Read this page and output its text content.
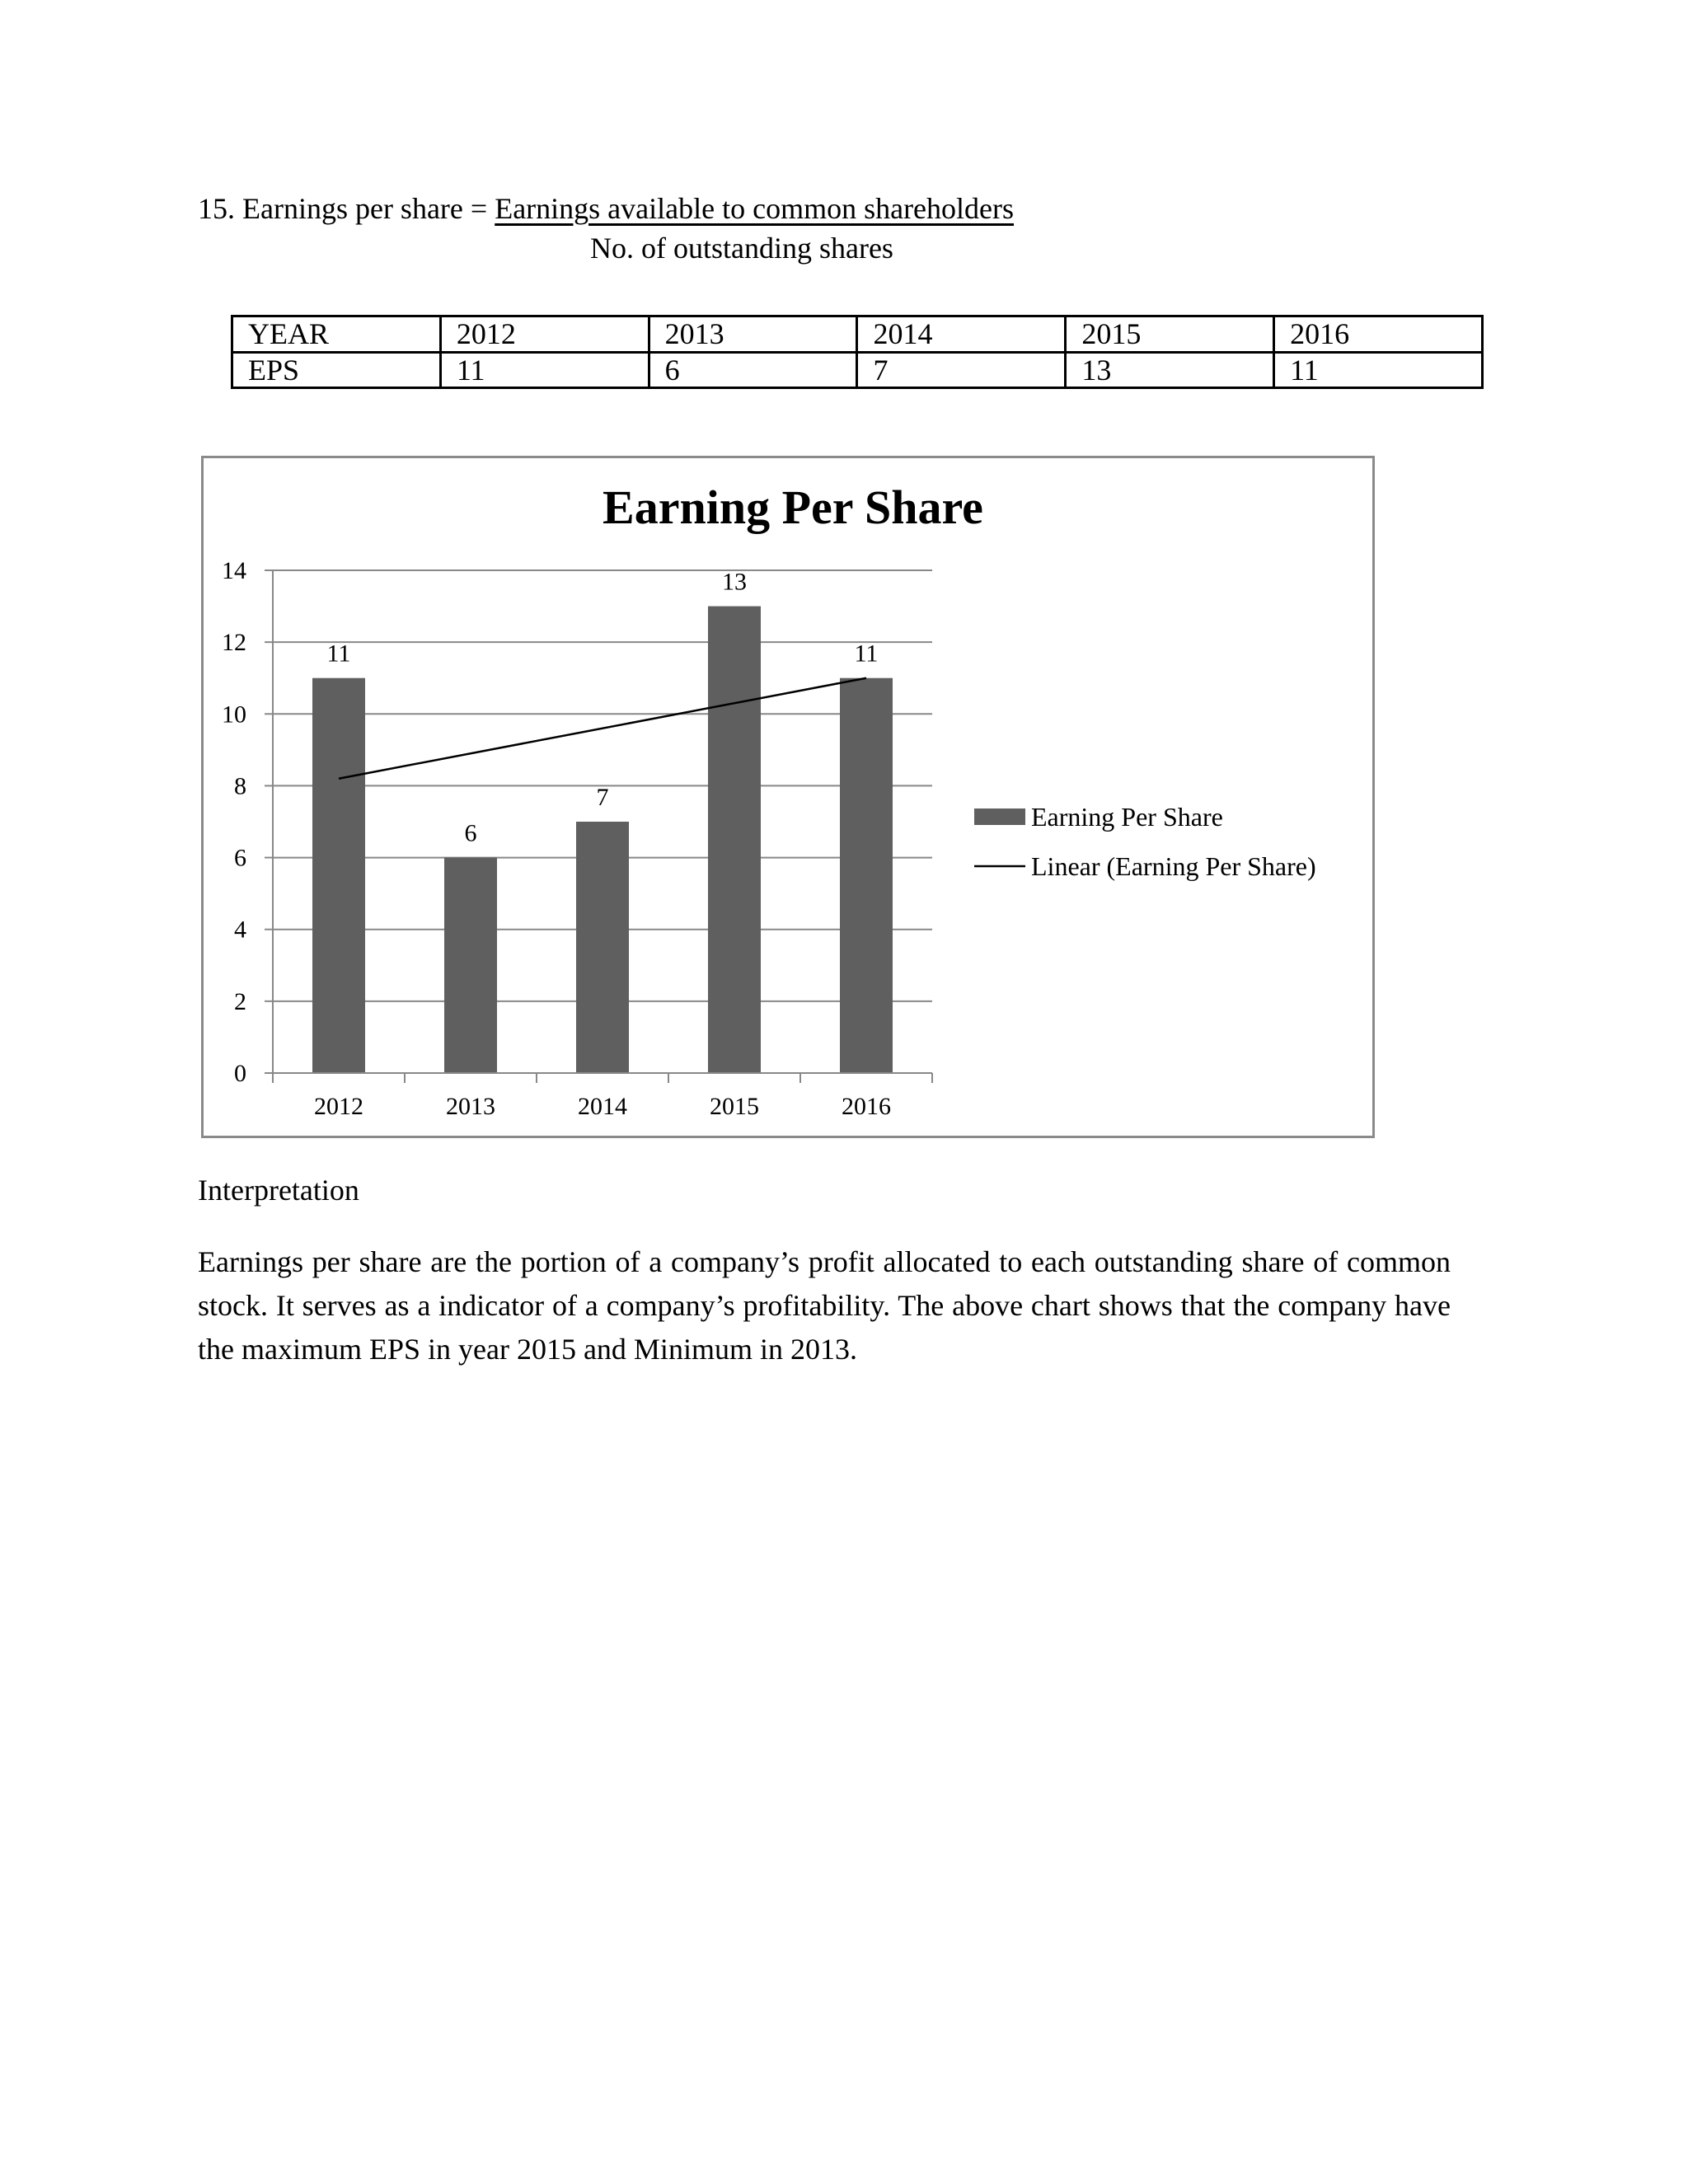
15. Earnings per share = Earnings available to common shareholders
No. of outstanding shares
YEAR	2012	2013	2014	2015	2016
EPS	11	6	7	13	11
Earning Per Share
11
6
7
13
11
0
2
4
6
8
10
12
14
2012	2013	2014	2015	2016
Earning Per Share
Linear (Earning Per Share)
Interpretation
Earnings per share are the portion of a company’s profit allocated to each outstanding share of common stock. It serves as a indicator of a company’s profitability. The above chart shows that the company have the maximum EPS in year 2015 and Minimum in 2013.
